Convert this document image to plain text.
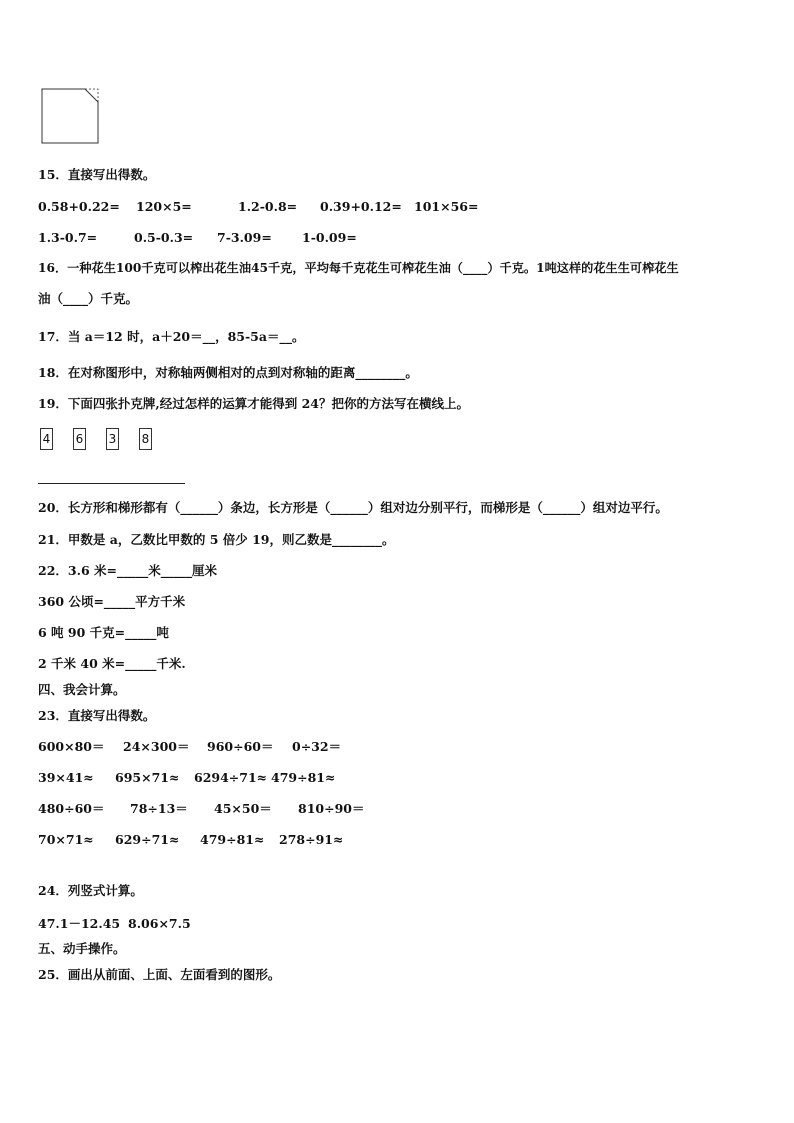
15．直接写出得数。
0.58+0.22= 120×5=	1.2-0.8= 0.39+0.12= 101×56=
1.3-0.7=	0.5-0.3= 7-3.09= 1-0.09=
16．一种花生100千克可以榨出花生油45千克，平均每千克花生可榨花生油（____）千克。1吨这样的花生生可榨花生
油（____）千克。
17．当 a＝12 时，a＋20＝__，85-5a＝__。
18．在对称图形中，对称轴两侧相对的点到对称轴的距离________。
19．下面四张扑克牌,经过怎样的运算才能得到 24？把你的方法写在横线上。
4 6 3 8
20．长方形和梯形都有（______）条边，长方形是（______）组对边分别平行，而梯形是（______）组对边平行。
21．甲数是 a，乙数比甲数的 5 倍少 19，则乙数是________。
22．3.6 米=_____米_____厘米
360 公顷=_____平方千米
6 吨 90 千克=_____吨
2 千米 40 米=_____千米.
四、我会计算。
23．直接写出得数。
600×80＝ 24×300＝ 960÷60＝ 0÷32＝
39×41≈ 695×71≈ 6294÷71≈ 479÷81≈
480÷60＝ 78÷13＝ 45×50＝ 810÷90＝
70×71≈ 629÷71≈ 479÷81≈ 278÷91≈
24．列竖式计算。
47.1－12.45 8.06×7.5
五、动手操作。
25．画出从前面、上面、左面看到的图形。
